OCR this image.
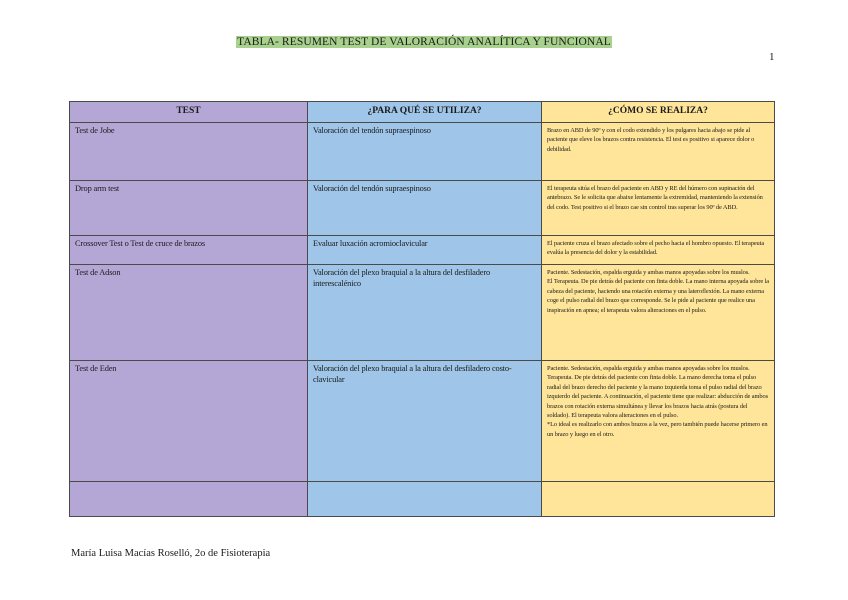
TABLA- RESUMEN TEST DE VALORACIÓN ANALÍTICA Y FUNCIONAL
1
TEST	¿PARA QUÉ SE UTILIZA?	¿CÓMO SE REALIZA?
Test de Jobe	Valoración del tendón supraespinoso	Brazo en ABD de 90º y con el codo extendido y los pulgares hacia abajo se pide al paciente que eleve los brazos contra resistencia. El test es positivo si aparece dolor o debilidad.
Drop arm test	Valoración del tendón supraespinoso	El terapeuta sitúa el brazo del paciente en ABD y RE del húmero con supinación del antebrazo. Se le solicita que abaixe lentamente la extremidad, manteniendo la extensión del codo. Test positivo si el brazo cae sin control tras superar los 90º de ABD.
Crossover Test o Test de cruce de brazos	Evaluar luxación acromioclavicular	El paciente cruza el brazo afectado sobre el pecho hacia el hombro opuesto. El terapeuta evalúa la presencia del dolor y la estabilidad.
Test de Adson	Valoración del plexo braquial a la altura del desfiladero interescalénico	Paciente. Sedestación, espalda erguida y ambas manos apoyadas sobre los muslos.
El Terapeuta. De pie detrás del paciente con finta doble. La mano interna apoyada sobre la cabeza del paciente, haciendo una rotación externa y una lateroflexión. La mano externa coge el pulso radial del brazo que corresponde. Se le pide al paciente que realice una inspiración en apnea; el terapeuta valora alteraciones en el pulso.
Test de Eden	Valoración del plexo braquial a la altura del desfiladero costo-clavicular	Paciente. Sedestación, espalda erguida y ambas manos apoyadas sobre los muslos.
Terapeuta. De pie detrás del paciente con finta doble. La mano derecha toma el pulso radial del brazo derecho del paciente y la mano izquierda toma el pulso radial del brazo izquierdo del paciente. A continuación, el paciente tiene que realizar: abducción de ambos brazos con rotación externa simultánea y llevar los brazos hacia atrás (postura del soldado). El terapeuta valora alteraciones en el pulso.
*Lo ideal es realizarlo con ambos brazos a la vez, pero también puede hacerse primero en un brazo y luego en el otro.

María Luisa Macías Roselló, 2o de Fisioterapia
